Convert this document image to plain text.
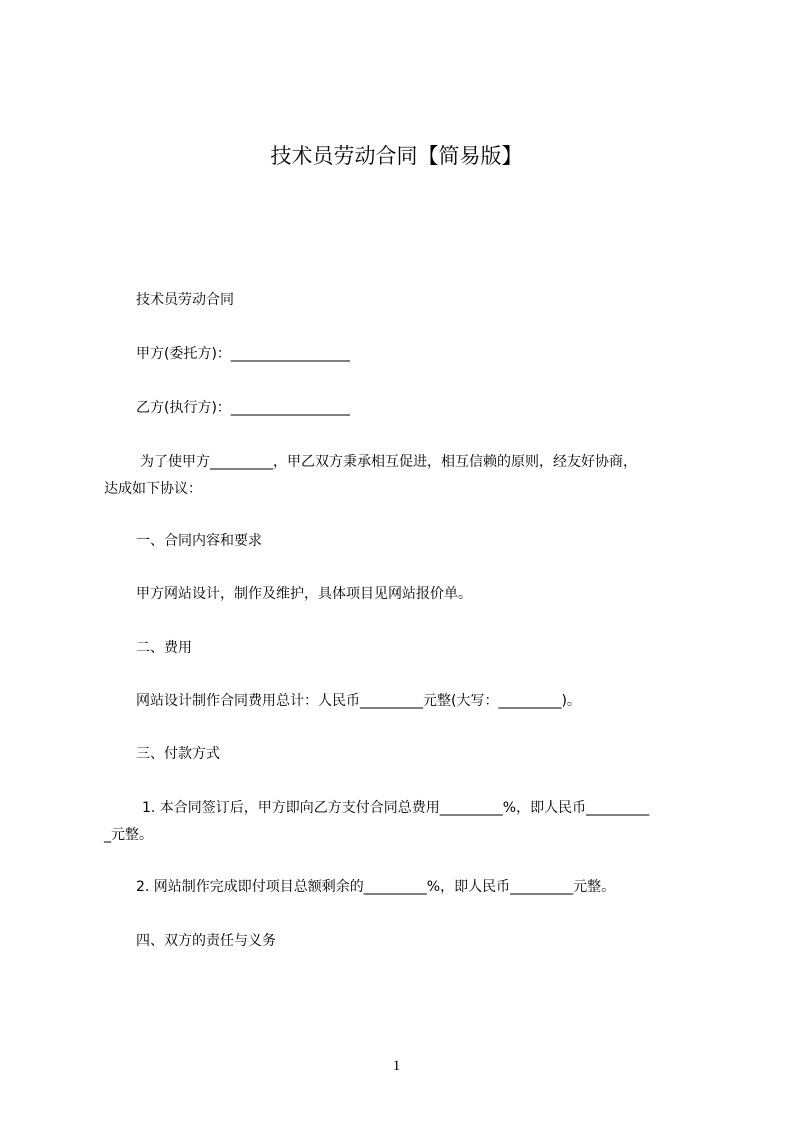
技术员劳动合同【简易版】

技术员劳动合同

甲方(委托方)：_________________

乙方(执行方)：_________________

为了使甲方_________，甲乙双方秉承相互促进，相互信赖的原则，经友好协商，

达成如下协议：

一、合同内容和要求

甲方网站设计，制作及维护，具体项目见网站报价单。

二、费用

网站设计制作合同费用总计：人民币_________元整(大写：_________)。

三、付款方式

1. 本合同签订后，甲方即向乙方支付合同总费用_________%，即人民币_________

_元整。

2. 网站制作完成即付项目总额剩余的_________%，即人民币_________元整。

四、双方的责任与义务

1
